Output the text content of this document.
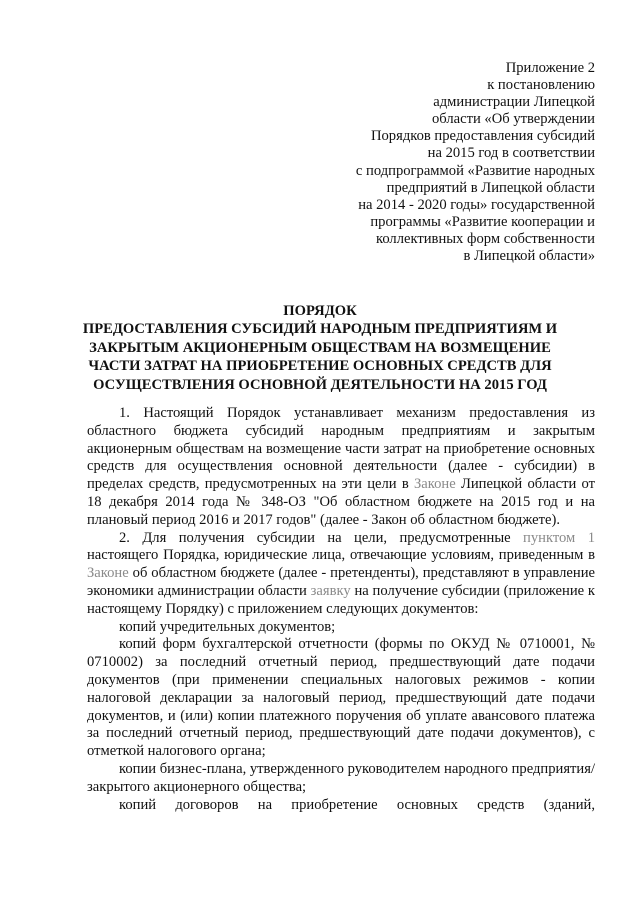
Приложение 2
к постановлению
администрации Липецкой
области «Об утверждении
Порядков предоставления субсидий
на 2015 год в соответствии
с подпрограммой «Развитие народных
предприятий в Липецкой области
на 2014 - 2020 годы» государственной
программы «Развитие кооперации и
коллективных форм собственности
в Липецкой области»
ПОРЯДОК
ПРЕДОСТАВЛЕНИЯ СУБСИДИЙ НАРОДНЫМ ПРЕДПРИЯТИЯМ И
ЗАКРЫТЫМ АКЦИОНЕРНЫМ ОБЩЕСТВАМ НА ВОЗМЕЩЕНИЕ
ЧАСТИ ЗАТРАТ НА ПРИОБРЕТЕНИЕ ОСНОВНЫХ СРЕДСТВ ДЛЯ
ОСУЩЕСТВЛЕНИЯ ОСНОВНОЙ ДЕЯТЕЛЬНОСТИ НА 2015 ГОД

1. Настоящий Порядок устанавливает механизм предоставления из областного бюджета субсидий народным предприятиям и закрытым акционерным обществам на возмещение части затрат на приобретение основных средств для осуществления основной деятельности (далее - субсидии) в пределах средств, предусмотренных на эти цели в Законе Липецкой области от 18 декабря 2014 года № 348-ОЗ "Об областном бюджете на 2015 год и на плановый период 2016 и 2017 годов" (далее - Закон об областном бюджете).

2. Для получения субсидии на цели, предусмотренные пунктом 1 настоящего Порядка, юридические лица, отвечающие условиям, приведенным в Законе об областном бюджете (далее - претенденты), представляют в управление экономики администрации области заявку на получение субсидии (приложение к настоящему Порядку) с приложением следующих документов:

копий учредительных документов;

копий форм бухгалтерской отчетности (формы по ОКУД № 0710001, № 0710002) за последний отчетный период, предшествующий дате подачи документов (при применении специальных налоговых режимов - копии налоговой декларации за налоговый период, предшествующий дате подачи документов, и (или) копии платежного поручения об уплате авансового платежа за последний отчетный период, предшествующий дате подачи документов), с отметкой налогового органа;

копии бизнес-плана, утвержденного руководителем народного предприятия/закрытого акционерного общества;

копий договоров на приобретение основных средств (зданий,
